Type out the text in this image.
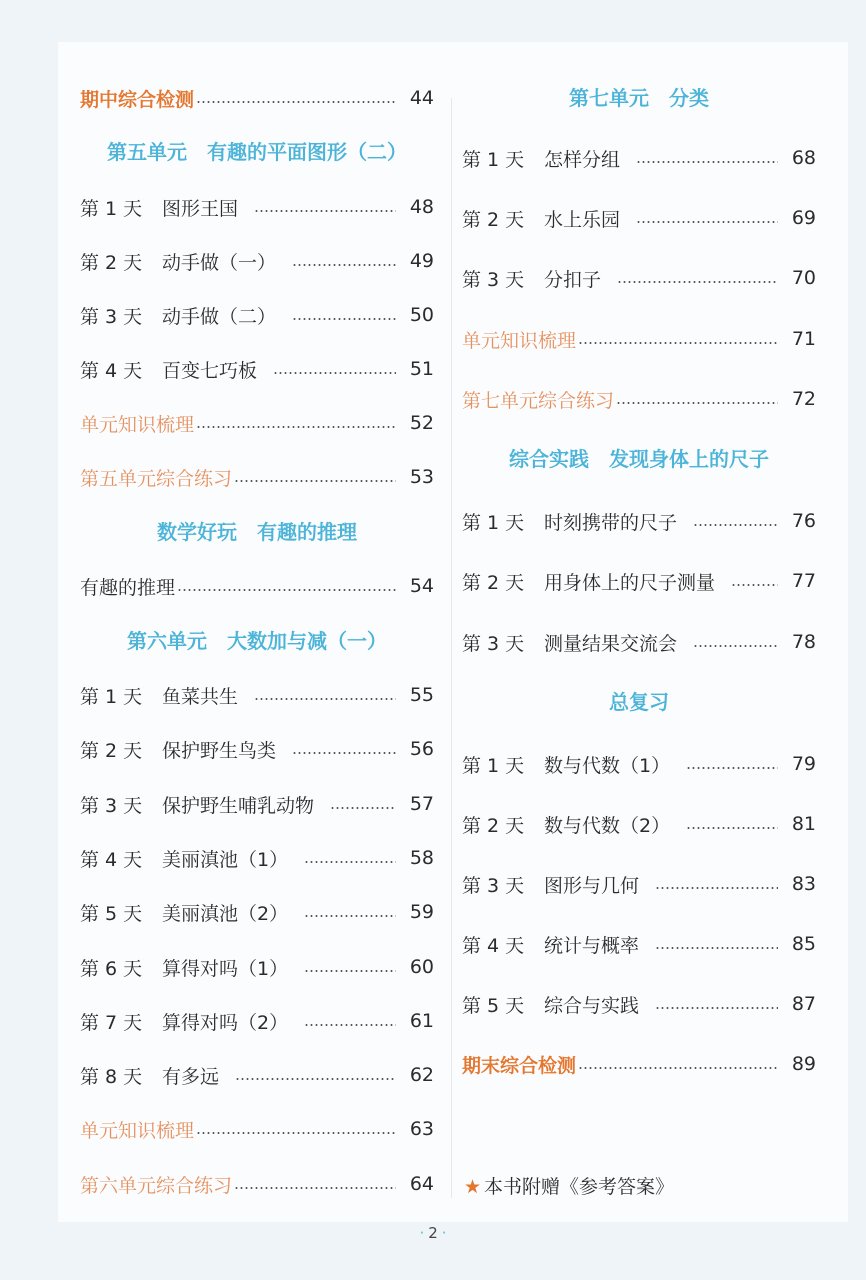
期中综合检测	44
第五单元　有趣的平面图形（二）
第 1 天	图形王国	48
第 2 天	动手做（一）	49
第 3 天	动手做（二）	50
第 4 天	百变七巧板	51
单元知识梳理	52
第五单元综合练习	53
数学好玩　有趣的推理
有趣的推理	54
第六单元　大数加与减（一）
第 1 天	鱼菜共生	55
第 2 天	保护野生鸟类	56
第 3 天	保护野生哺乳动物	57
第 4 天	美丽滇池（1）	58
第 5 天	美丽滇池（2）	59
第 6 天	算得对吗（1）	60
第 7 天	算得对吗（2）	61
第 8 天	有多远	62
单元知识梳理	63
第六单元综合练习	64 ★ 本书附赠《参考答案》
第七单元　分类
第 1 天	怎样分组	68
第 2 天	水上乐园	69
第 3 天	分扣子	70
单元知识梳理	71
第七单元综合练习	72
综合实践　发现身体上的尺子
第 1 天	时刻携带的尺子	76
第 2 天	用身体上的尺子测量	77
第 3 天	测量结果交流会	78
总复习
第 1 天	数与代数（1）	79
第 2 天	数与代数（2）	81
第 3 天	图形与几何	83
第 4 天	统计与概率	85
第 5 天	综合与实践	87
期末综合检测	89
· 2 ·
